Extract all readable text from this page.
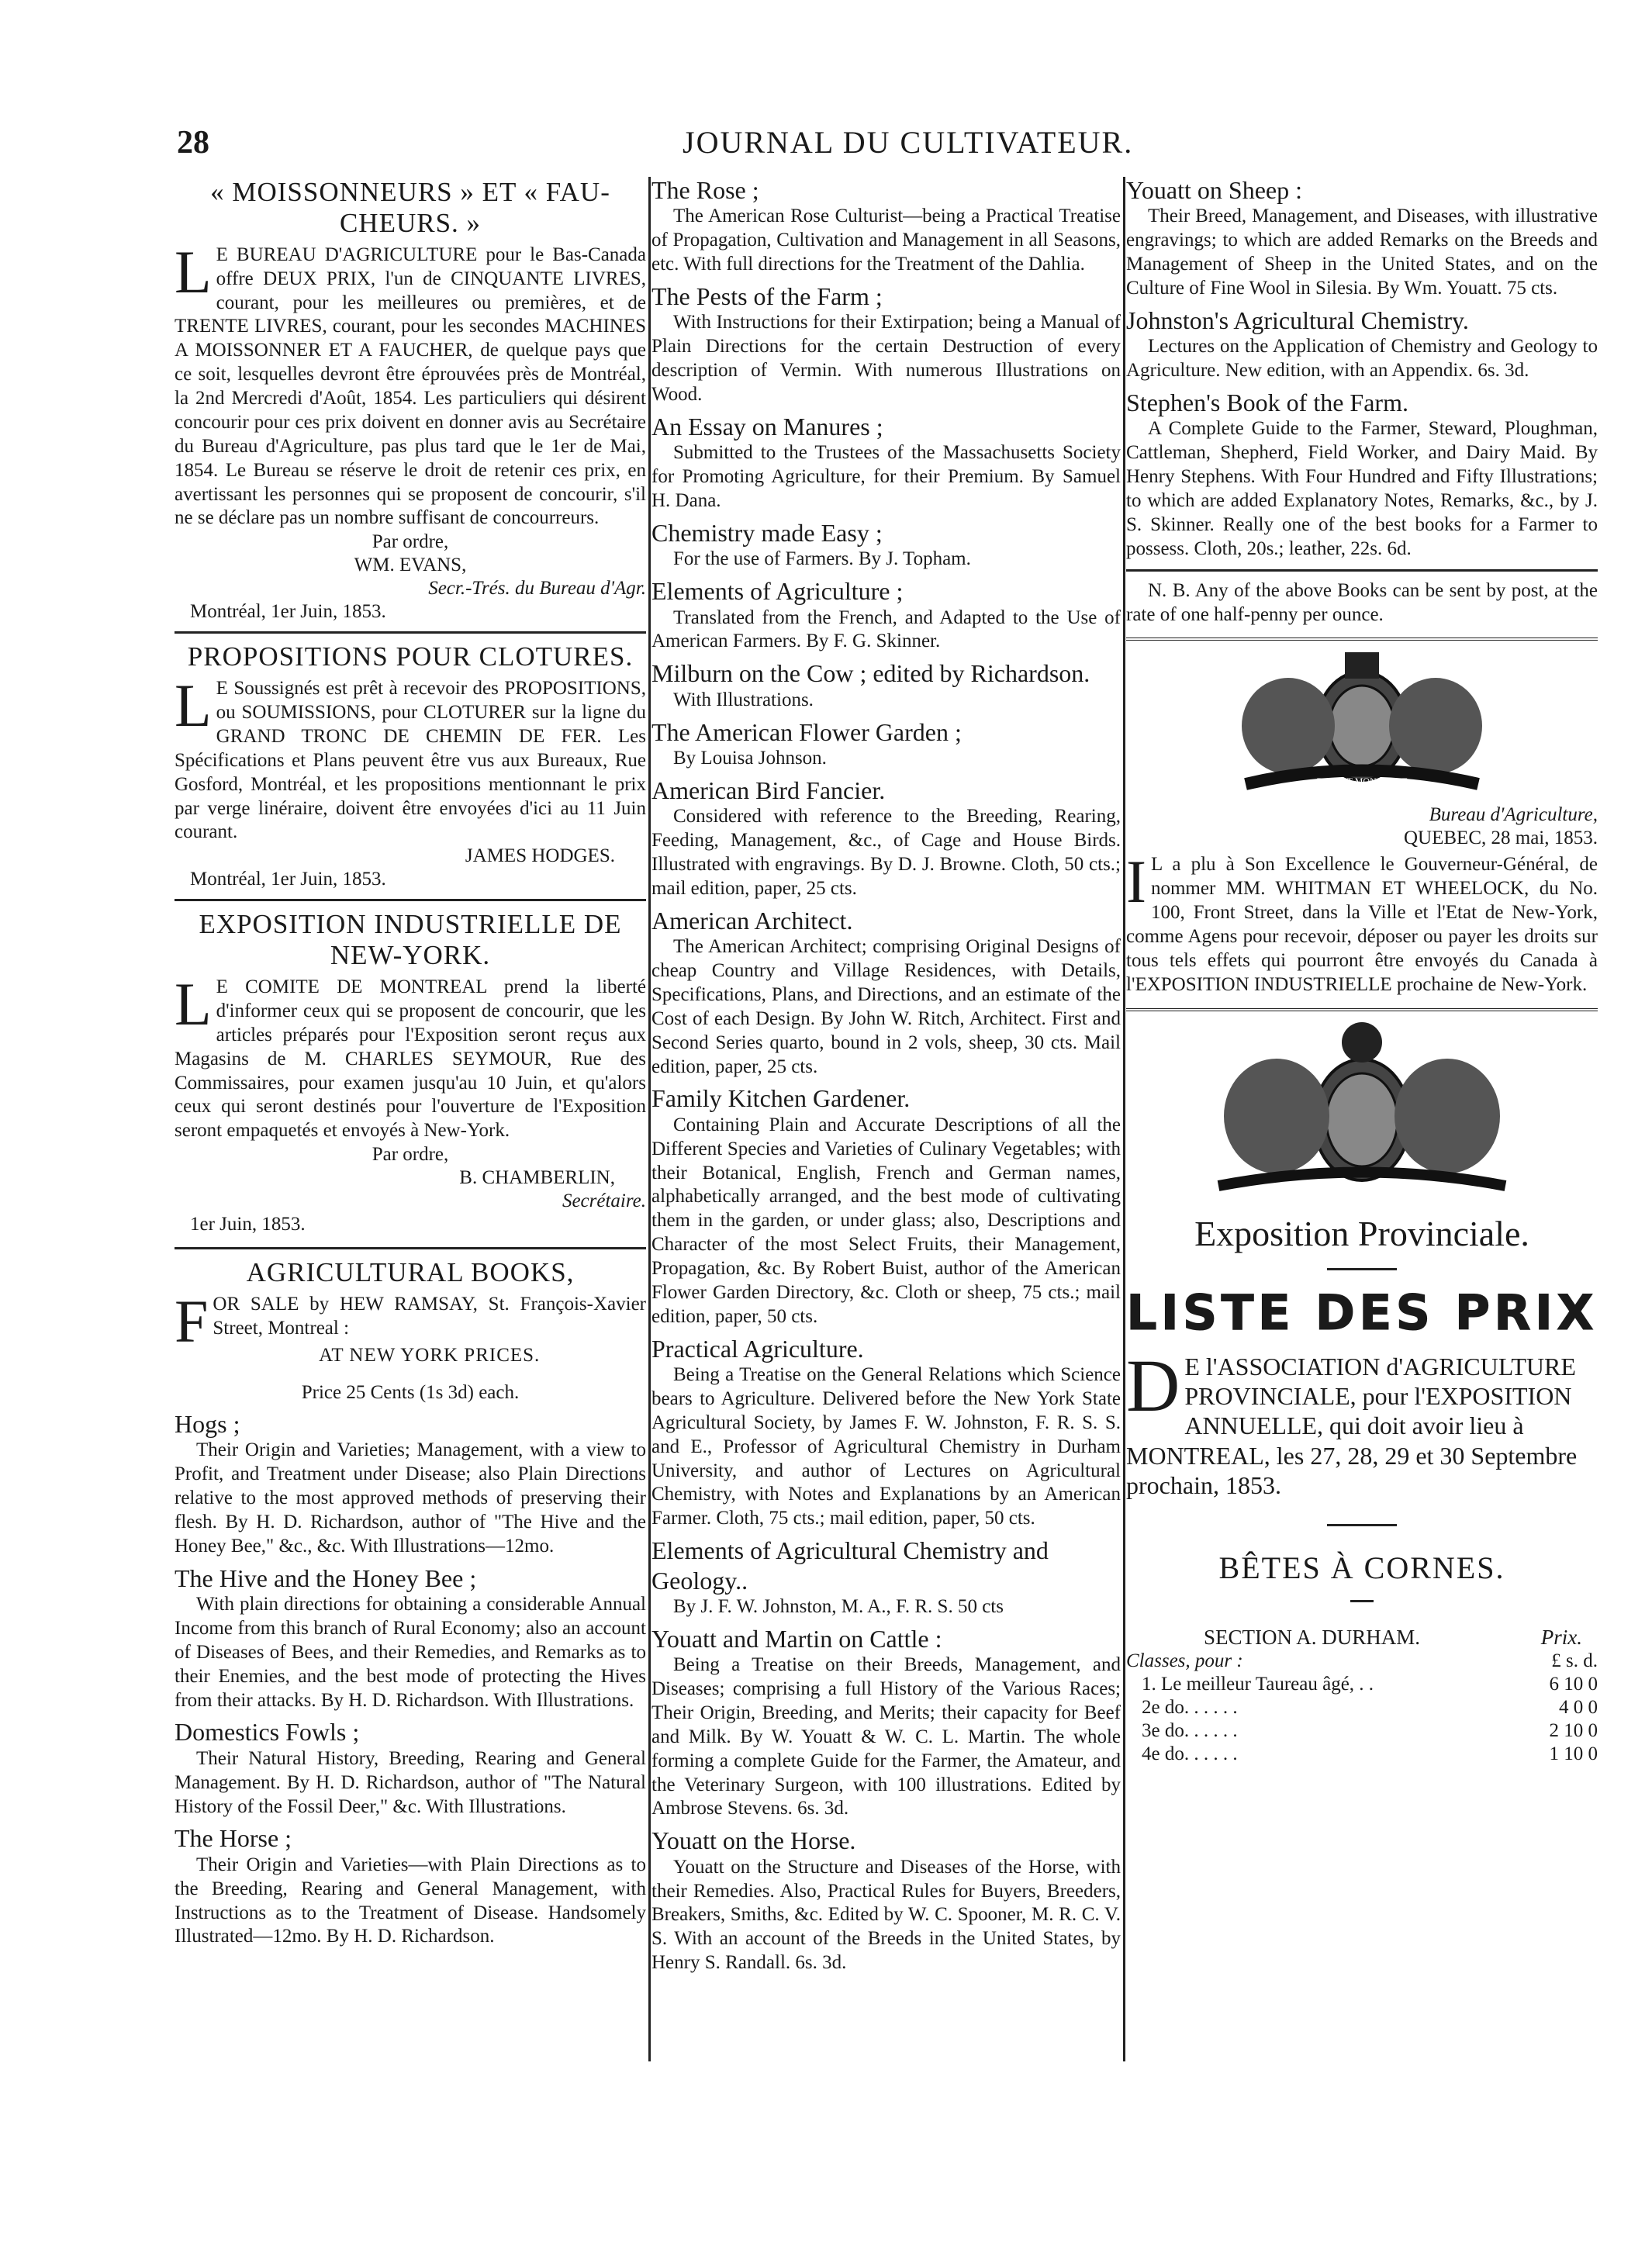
28	JOURNAL DU CULTIVATEUR.
« MOISSONNEURS » ET « FAU-CHEURS. »
L E BUREAU D'AGRICULTURE pour le Bas-Canada offre DEUX PRIX, l'un de CINQUANTE LIVRES, courant, pour les meilleures ou premières, et de TRENTE LIVRES, courant, pour les secondes MACHINES A MOISSONNER ET A FAUCHER, de quelque pays que ce soit, lesquelles devront être éprouvées près de Montréal, la 2nd Mercredi d'Août, 1854. Les particuliers qui désirent concourir pour ces prix doivent en donner avis au Secrétaire du Bureau d'Agriculture, pas plus tard que le 1er de Mai, 1854. Le Bureau se réserve le droit de retenir ces prix, en avertissant les personnes qui se proposent de concourir, s'il ne se déclare pas un nombre suffisant de concourreurs.
Par ordre,
WM. EVANS,
Secr.-Trés. du Bureau d'Agr.
Montréal, 1er Juin, 1853.
PROPOSITIONS POUR CLOTURES.
L E Soussignés est prêt à recevoir des PROPOSITIONS, ou SOUMISSIONS, pour CLOTURER sur la ligne du GRAND TRONC DE CHEMIN DE FER. Les Spécifications et Plans peuvent être vus aux Bureaux, Rue Gosford, Montréal, et les propositions mentionnant le prix par verge linéraire, doivent être envoyées d'ici au 11 Juin courant.
JAMES HODGES.
Montréal, 1er Juin, 1853.
EXPOSITION INDUSTRIELLE DE NEW-YORK.
L E COMITE DE MONTREAL prend la liberté d'informer ceux qui se proposent de concourir, que les articles préparés pour l'Exposition seront reçus aux Magasins de M. CHARLES SEYMOUR, Rue des Commissaires, pour examen jusqu'au 10 Juin, et qu'alors ceux qui seront destinés pour l'ouverture de l'Exposition seront empaquetés et envoyés à New-York.
Par ordre,
B. CHAMBERLIN,
Secrétaire.
1er Juin, 1853.
AGRICULTURAL BOOKS,
FOR SALE by HEW RAMSAY, St. François-Xavier Street, Montreal :
AT NEW YORK PRICES.
Price 25 Cents (1s 3d) each.
Hogs ;
Their Origin and Varieties; Management, with a view to Profit, and Treatment under Disease; also Plain Directions relative to the most approved methods of preserving their flesh. By H. D. Richardson, author of "The Hive and the Honey Bee," &c., &c. With Illustrations—12mo.
The Hive and the Honey Bee ;
With plain directions for obtaining a considerable Annual Income from this branch of Rural Economy; also an account of Diseases of Bees, and their Remedies, and Remarks as to their Enemies, and the best mode of protecting the Hives from their attacks. By H. D. Richardson. With Illustrations.
Domestics Fowls ;
Their Natural History, Breeding, Rearing and General Management. By H. D. Richardson, author of "The Natural History of the Fossil Deer," &c. With Illustrations.
The Horse ;
Their Origin and Varieties—with Plain Directions as to the Breeding, Rearing and General Management, with Instructions as to the Treatment of Disease. Handsomely Illustrated—12mo. By H. D. Richardson.
The Rose ;
The American Rose Culturist—being a Practical Treatise of Propagation, Cultivation and Management in all Seasons, etc. With full directions for the Treatment of the Dahlia.
The Pests of the Farm ;
With Instructions for their Extirpation; being a Manual of Plain Directions for the certain Destruction of every description of Vermin. With numerous Illustrations on Wood.
An Essay on Manures ;
Submitted to the Trustees of the Massachusetts Society for Promoting Agriculture, for their Premium. By Samuel H. Dana.
Chemistry made Easy ;
For the use of Farmers. By J. Topham.
Elements of Agriculture ;
Translated from the French, and Adapted to the Use of American Farmers. By F. G. Skinner.
Milburn on the Cow ; edited by Richardson.
With Illustrations.
The American Flower Garden ;
By Louisa Johnson.
American Bird Fancier.
Considered with reference to the Breeding, Rearing, Feeding, Management, &c., of Cage and House Birds. Illustrated with engravings. By D. J. Browne. Cloth, 50 cts.; mail edition, paper, 25 cts.
American Architect.
The American Architect; comprising Original Designs of cheap Country and Village Residences, with Details, Specifications, Plans, and Directions, and an estimate of the Cost of each Design. By John W. Ritch, Architect. First and Second Series quarto, bound in 2 vols, sheep, 30 cts. Mail edition, paper, 25 cts.
Family Kitchen Gardener.
Containing Plain and Accurate Descriptions of all the Different Species and Varieties of Culinary Vegetables; with their Botanical, English, French and German names, alphabetically arranged, and the best mode of cultivating them in the garden, or under glass; also, Descriptions and Character of the most Select Fruits, their Management, Propagation, &c. By Robert Buist, author of the American Flower Garden Directory, &c. Cloth or sheep, 75 cts.; mail edition, paper, 50 cts.
Practical Agriculture.
Being a Treatise on the General Relations which Science bears to Agriculture. Delivered before the New York State Agricultural Society, by James F. W. Johnston, F. R. S. S. and E., Professor of Agricultural Chemistry in Durham University, and author of Lectures on Agricultural Chemistry, with Notes and Explanations by an American Farmer. Cloth, 75 cts.; mail edition, paper, 50 cts.
Elements of Agricultural Chemistry and Geology..
By J. F. W. Johnston, M. A., F. R. S. 50 cts
Youatt and Martin on Cattle :
Being a Treatise on their Breeds, Management, and Diseases; comprising a full History of the Various Races; Their Origin, Breeding, and Merits; their capacity for Beef and Milk. By W. Youatt & W. C. L. Martin. The whole forming a complete Guide for the Farmer, the Amateur, and the Veterinary Surgeon, with 100 illustrations. Edited by Ambrose Stevens. 6s. 3d.
Youatt on the Horse.
Youatt on the Structure and Diseases of the Horse, with their Remedies. Also, Practical Rules for Buyers, Breeders, Breakers, Smiths, &c. Edited by W. C. Spooner, M. R. C. V. S. With an account of the Breeds in the United States, by Henry S. Randall. 6s. 3d.
Youatt on Sheep :
Their Breed, Management, and Diseases, with illustrative engravings; to which are added Remarks on the Breeds and Management of Sheep in the United States, and on the Culture of Fine Wool in Silesia. By Wm. Youatt. 75 cts.
Johnston's Agricultural Chemistry.
Lectures on the Application of Chemistry and Geology to Agriculture. New edition, with an Appendix. 6s. 3d.
Stephen's Book of the Farm.
A Complete Guide to the Farmer, Steward, Ploughman, Cattleman, Shepherd, Field Worker, and Dairy Maid. By Henry Stephens. With Four Hundred and Fifty Illustrations; to which are added Explanatory Notes, Remarks, &c., by J. S. Skinner. Really one of the best books for a Farmer to possess. Cloth, 20s.; leather, 22s. 6d.
N. B. Any of the above Books can be sent by post, at the rate of one half-penny per ounce.
DIEU ET MON DROIT
Bureau d'Agriculture,
QUEBEC, 28 mai, 1853.
I L a plu à Son Excellence le Gouverneur-Général, de nommer MM. WHITMAN ET WHEELOCK, du No. 100, Front Street, dans la Ville et l'Etat de New-York, comme Agens pour recevoir, déposer ou payer les droits sur tous tels effets qui pourront être envoyés du Canada à l'EXPOSITION INDUSTRIELLE prochaine de New-York.
Exposition Provinciale.
LISTE DES PRIX
D E l'ASSOCIATION d'AGRICULTURE PROVINCIALE, pour l'EXPOSITION ANNUELLE, qui doit avoir lieu à MONTREAL, les 27, 28, 29 et 30 Septembre prochain, 1853.
BÊTES À CORNES.
SECTION A. DURHAM.	Prix.
Classes, pour :	£ s. d.
1. Le meilleur Taureau âgé, . .	6 10 0
2e do. . . . . .	4 0 0
3e do. . . . . .	2 10 0
4e do. . . . . .	1 10 0
